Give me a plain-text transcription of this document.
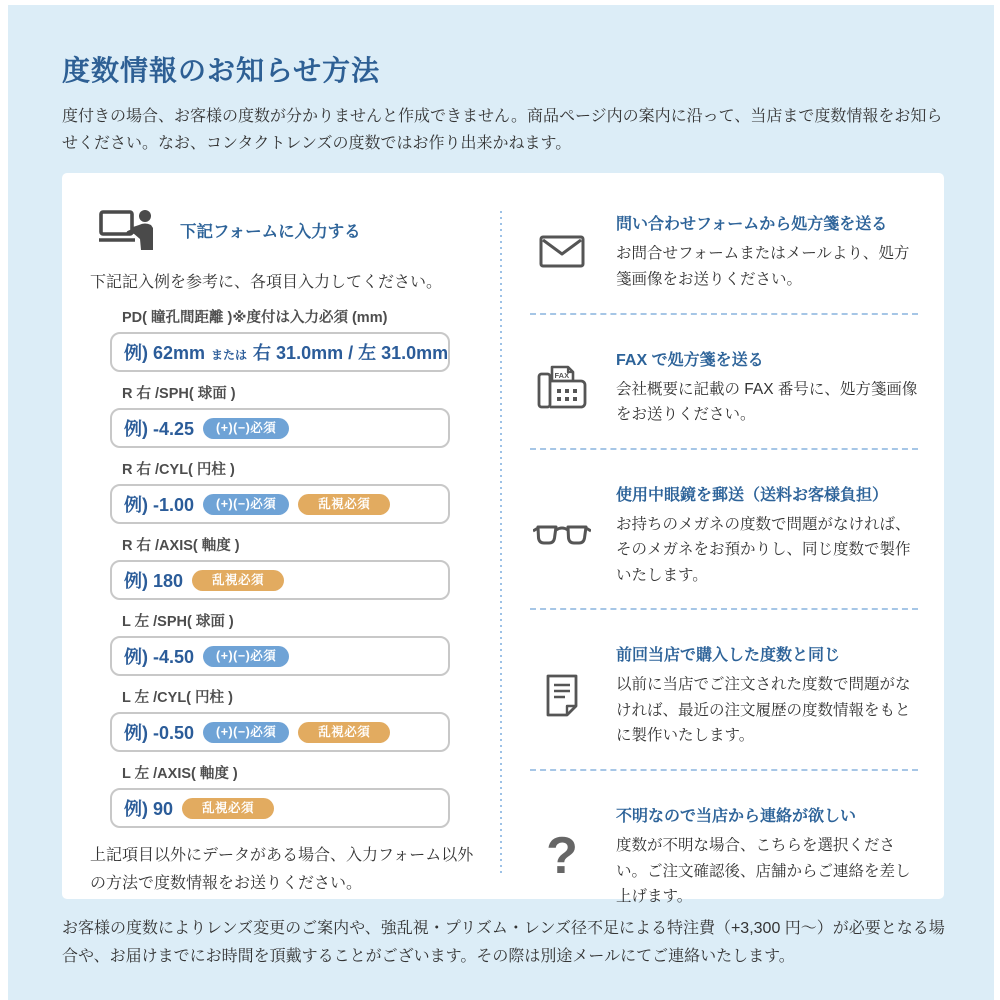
度数情報のお知らせ方法

度付きの場合、お客様の度数が分かりませんと作成できません。商品ページ内の案内に沿って、当店まで度数情報をお知らせください。なお、コンタクトレンズの度数ではお作り出来かねます。

下記フォームに入力する

下記記入例を参考に、各項目入力してください。

PD( 瞳孔間距離 )※度付は入力必須 (mm)
例) 62mm または 右 31.0mm / 左 31.0mm
R 右 /SPH( 球面 )
例) -4.25	(+)(−)必須
R 右 /CYL( 円柱 )
例) -1.00	(+)(−)必須	乱視必須
R 右 /AXIS( 軸度 )
例) 180	乱視必須
L 左 /SPH( 球面 )
例) -4.50	(+)(−)必須
L 左 /CYL( 円柱 )
例) -0.50	(+)(−)必須	乱視必須
L 左 /AXIS( 軸度 )
例) 90	乱視必須

上記項目以外にデータがある場合、入力フォーム以外の方法で度数情報をお送りください。

問い合わせフォームから処方箋を送る
お問合せフォームまたはメールより、処方箋画像をお送りください。
FAX
FAX で処方箋を送る
会社概要に記載の FAX 番号に、処方箋画像をお送りください。
使用中眼鏡を郵送（送料お客様負担）
お持ちのメガネの度数で問題がなければ、そのメガネをお預かりし、同じ度数で製作いたします。
前回当店で購入した度数と同じ
以前に当店でご注文された度数で問題がなければ、最近の注文履歴の度数情報をもとに製作いたします。
?
不明なので当店から連絡が欲しい
度数が不明な場合、こちらを選択ください。ご注文確認後、店舗からご連絡を差し上げます。

お客様の度数によりレンズ変更のご案内や、強乱視・プリズム・レンズ径不足による特注費（+3,300 円〜）が必要となる場合や、お届けまでにお時間を頂戴することがございます。その際は別途メールにてご連絡いたします。
